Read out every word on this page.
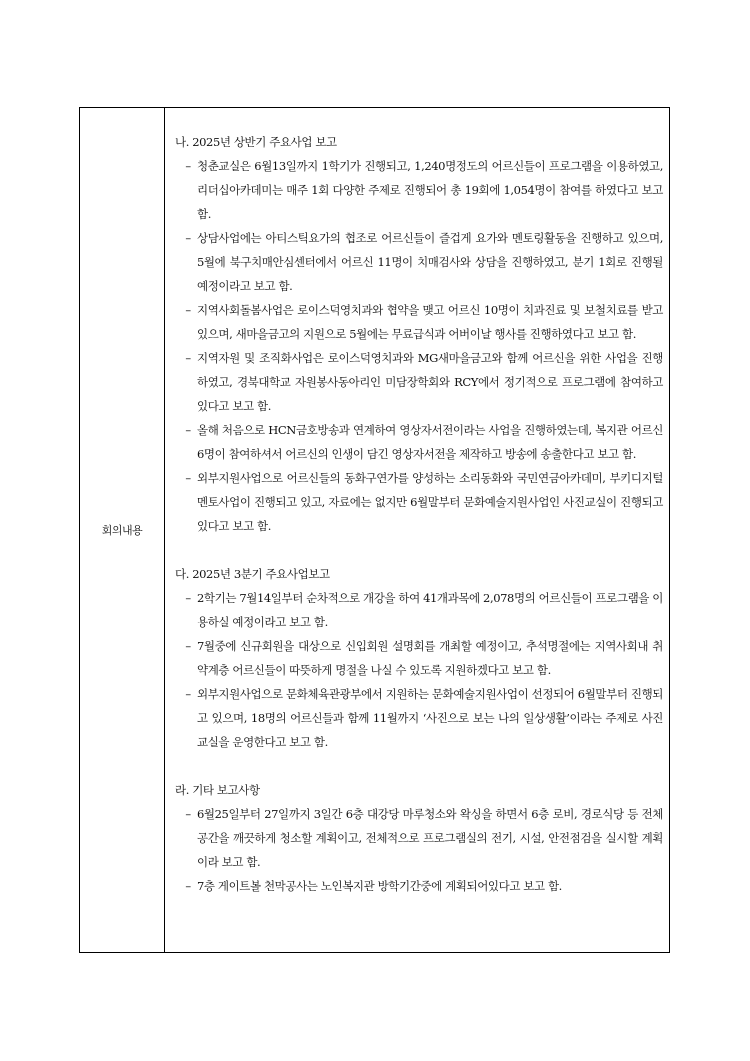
회의내용
나. 2025년 상반기 주요사업 보고
– 청춘교실은 6월13일까지 1학기가 진행되고, 1,240명정도의 어르신들이 프로그램을 이용하였고, 리더십아카데미는 매주 1회 다양한 주제로 진행되어 총 19회에 1,054명이 참여를 하였다고 보고 함.
– 상담사업에는 아티스틱요가의 협조로 어르신들이 즐겁게 요가와 멘토링활동을 진행하고 있으며, 5월에 북구치매안심센터에서 어르신 11명이 치매검사와 상담을 진행하였고, 분기 1회로 진행될 예정이라고 보고 함.
– 지역사회돌봄사업은 로이스덕영치과와 협약을 맺고 어르신 10명이 치과진료 및 보철치료를 받고 있으며, 새마을금고의 지원으로 5월에는 무료급식과 어버이날 행사를 진행하였다고 보고 함.
– 지역자원 및 조직화사업은 로이스덕영치과와 MG새마을금고와 함께 어르신을 위한 사업을 진행하였고, 경북대학교 자원봉사동아리인 미담장학회와 RCY에서 정기적으로 프로그램에 참여하고 있다고 보고 함.
– 올해 처음으로 HCN금호방송과 연계하여 영상자서전이라는 사업을 진행하였는데, 복지관 어르신 6명이 참여하셔서 어르신의 인생이 담긴 영상자서전을 제작하고 방송에 송출한다고 보고 함.
– 외부지원사업으로 어르신들의 동화구연가를 양성하는 소리동화와 국민연금아카데미, 부키디지털멘토사업이 진행되고 있고, 자료에는 없지만 6월말부터 문화예술지원사업인 사진교실이 진행되고 있다고 보고 함.
다. 2025년 3분기 주요사업보고
– 2학기는 7월14일부터 순차적으로 개강을 하여 41개과목에 2,078명의 어르신들이 프로그램을 이용하실 예정이라고 보고 함.
– 7월중에 신규회원을 대상으로 신입회원 설명회를 개최할 예정이고, 추석명절에는 지역사회내 취약계층 어르신들이 따뜻하게 명절을 나실 수 있도록 지원하겠다고 보고 함.
– 외부지원사업으로 문화체육관광부에서 지원하는 문화예술지원사업이 선정되어 6월말부터 진행되고 있으며, 18명의 어르신들과 함께 11월까지 ‘사진으로 보는 나의 일상생활’이라는 주제로 사진교실을 운영한다고 보고 함.
라. 기타 보고사항
– 6월25일부터 27일까지 3일간 6층 대강당 마루청소와 왁싱을 하면서 6층 로비, 경로식당 등 전체공간을 깨끗하게 청소할 계획이고, 전체적으로 프로그램실의 전기, 시설, 안전점검을 실시할 계획이라 보고 함.
– 7층 게이트볼 천막공사는 노인복지관 방학기간중에 계획되어있다고 보고 함.
